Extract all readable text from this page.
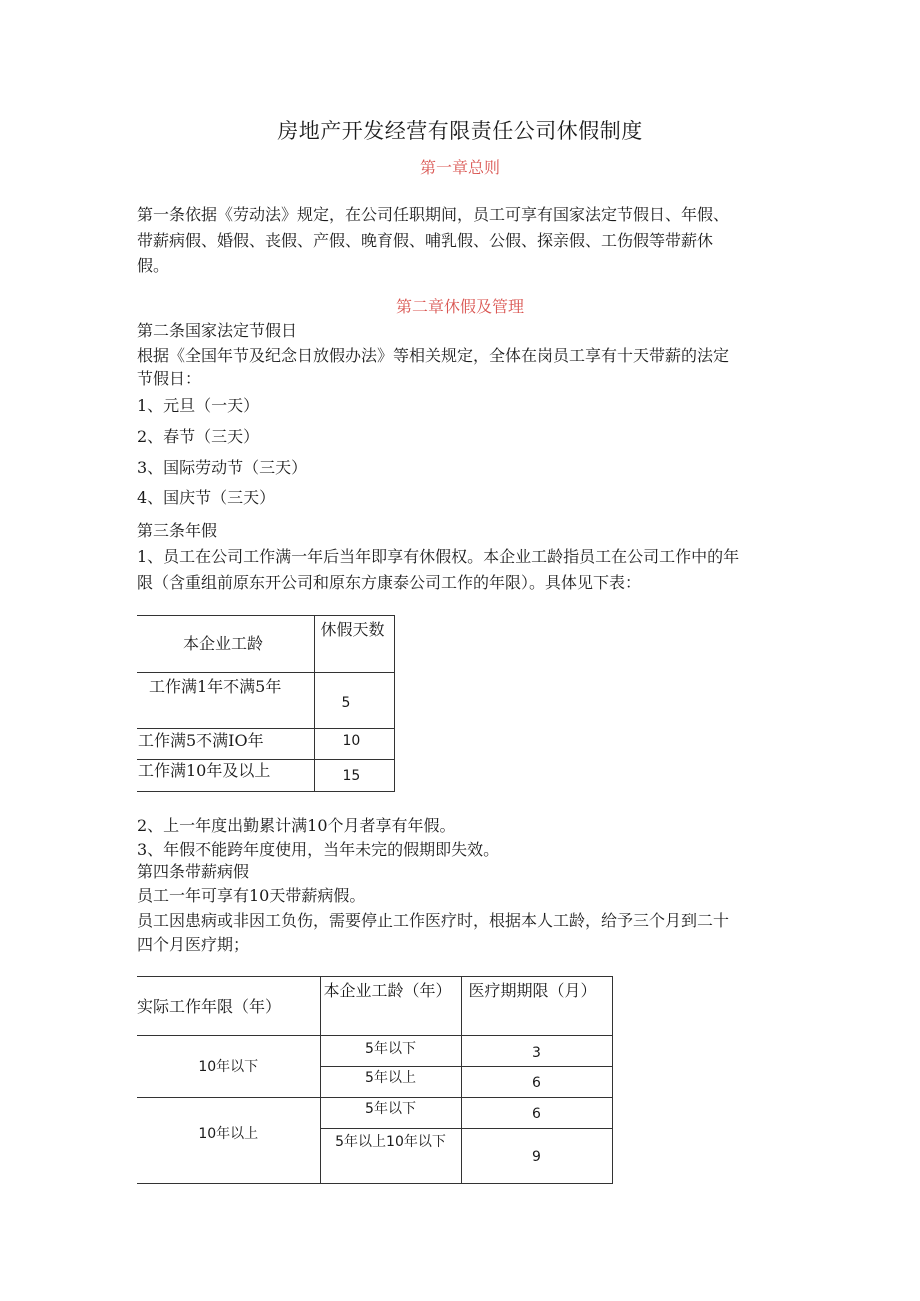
房地产开发经营有限责任公司休假制度
第一章总则
第一条依据《劳动法》规定，在公司任职期间，员工可享有国家法定节假日、年假、
带薪病假、婚假、丧假、产假、晚育假、哺乳假、公假、探亲假、工伤假等带薪休
假。
第二章休假及管理
第二条国家法定节假日
根据《全国年节及纪念日放假办法》等相关规定，全体在岗员工享有十天带薪的法定
节假日：
1、元旦（一天）
2、春节（三天）
3、国际劳动节（三天）
4、国庆节（三天）
第三条年假
1、员工在公司工作满一年后当年即享有休假权。本企业工龄指员工在公司工作中的年
限（含重组前原东开公司和原东方康泰公司工作的年限）。具体见下表：
本企业工龄	休假天数
工作满1年不满5年	5
工作满5不满IO年	10
工作满10年及以上	15
2、上一年度出勤累计满10个月者享有年假。
3、年假不能跨年度使用，当年未完的假期即失效。
第四条带薪病假
员工一年可享有10天带薪病假。
员工因患病或非因工负伤，需要停止工作医疗时，根据本人工龄，给予三个月到二十
四个月医疗期；
实际工作年限（年）	本企业工龄（年）	医疗期期限（月）
10年以下	5年以下	3
	5年以上	6
10年以上	5年以下	6
	5年以上10年以下	9
